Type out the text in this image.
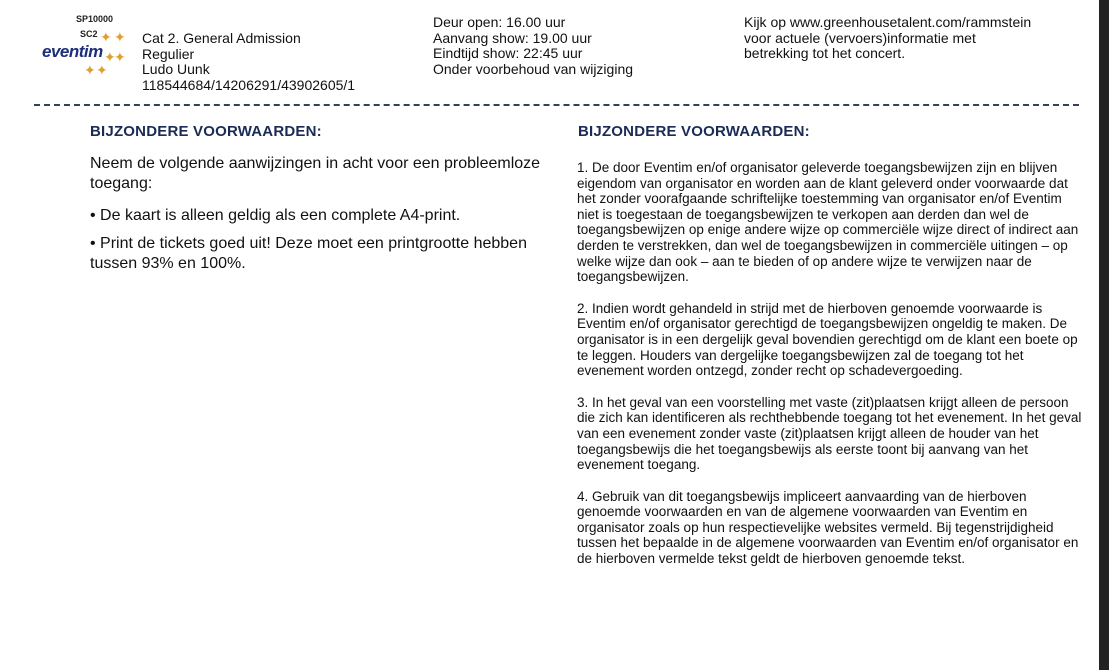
SP10000
SC2
eventim
✦ ✦
✦
✦
✦ ✦
Cat 2. General Admission
Regulier
Ludo Uunk
118544684/14206291/43902605/1
Deur open: 16.00 uur
Aanvang show: 19.00 uur
Eindtijd show: 22:45 uur
Onder voorbehoud van wijziging
Kijk op www.greenhousetalent.com/rammstein
voor actuele (vervoers)informatie met
betrekking tot het concert.
BIJZONDERE VOORWAARDEN:

Neem de volgende aanwijzingen in acht voor een probleemloze toegang:

• De kaart is alleen geldig als een complete A4-print.
• Print de tickets goed uit! Deze moet een printgrootte hebben tussen 93% en 100%.
BIJZONDERE VOORWAARDEN:

1. De door Eventim en/of organisator geleverde toegangsbewijzen zijn en blijven eigendom van organisator en worden aan de klant geleverd onder voorwaarde dat het zonder voorafgaande schriftelijke toestemming van organisator en/of Eventim niet is toegestaan de toegangsbewijzen te verkopen aan derden dan wel de toegangsbewijzen op enige andere wijze op commerciële wijze direct of indirect aan derden te verstrekken, dan wel de toegangsbewijzen in commerciële uitingen – op welke wijze dan ook – aan te bieden of op andere wijze te verwijzen naar de toegangsbewijzen.

2. Indien wordt gehandeld in strijd met de hierboven genoemde voorwaarde is Eventim en/of organisator gerechtigd de toegangsbewijzen ongeldig te maken. De organisator is in een dergelijk geval bovendien gerechtigd om de klant een boete op te leggen. Houders van dergelijke toegangsbewijzen zal de toegang tot het evenement worden ontzegd, zonder recht op schadevergoeding.

3. In het geval van een voorstelling met vaste (zit)plaatsen krijgt alleen de persoon die zich kan identificeren als rechthebbende toegang tot het evenement. In het geval van een evenement zonder vaste (zit)plaatsen krijgt alleen de houder van het toegangsbewijs die het toegangsbewijs als eerste toont bij aanvang van het evenement toegang.

4. Gebruik van dit toegangsbewijs impliceert aanvaarding van de hierboven genoemde voorwaarden en van de algemene voorwaarden van Eventim en organisator zoals op hun respectievelijke websites vermeld. Bij tegenstrijdigheid tussen het bepaalde in de algemene voorwaarden van Eventim en/of organisator en de hierboven vermelde tekst geldt de hierboven genoemde tekst.
